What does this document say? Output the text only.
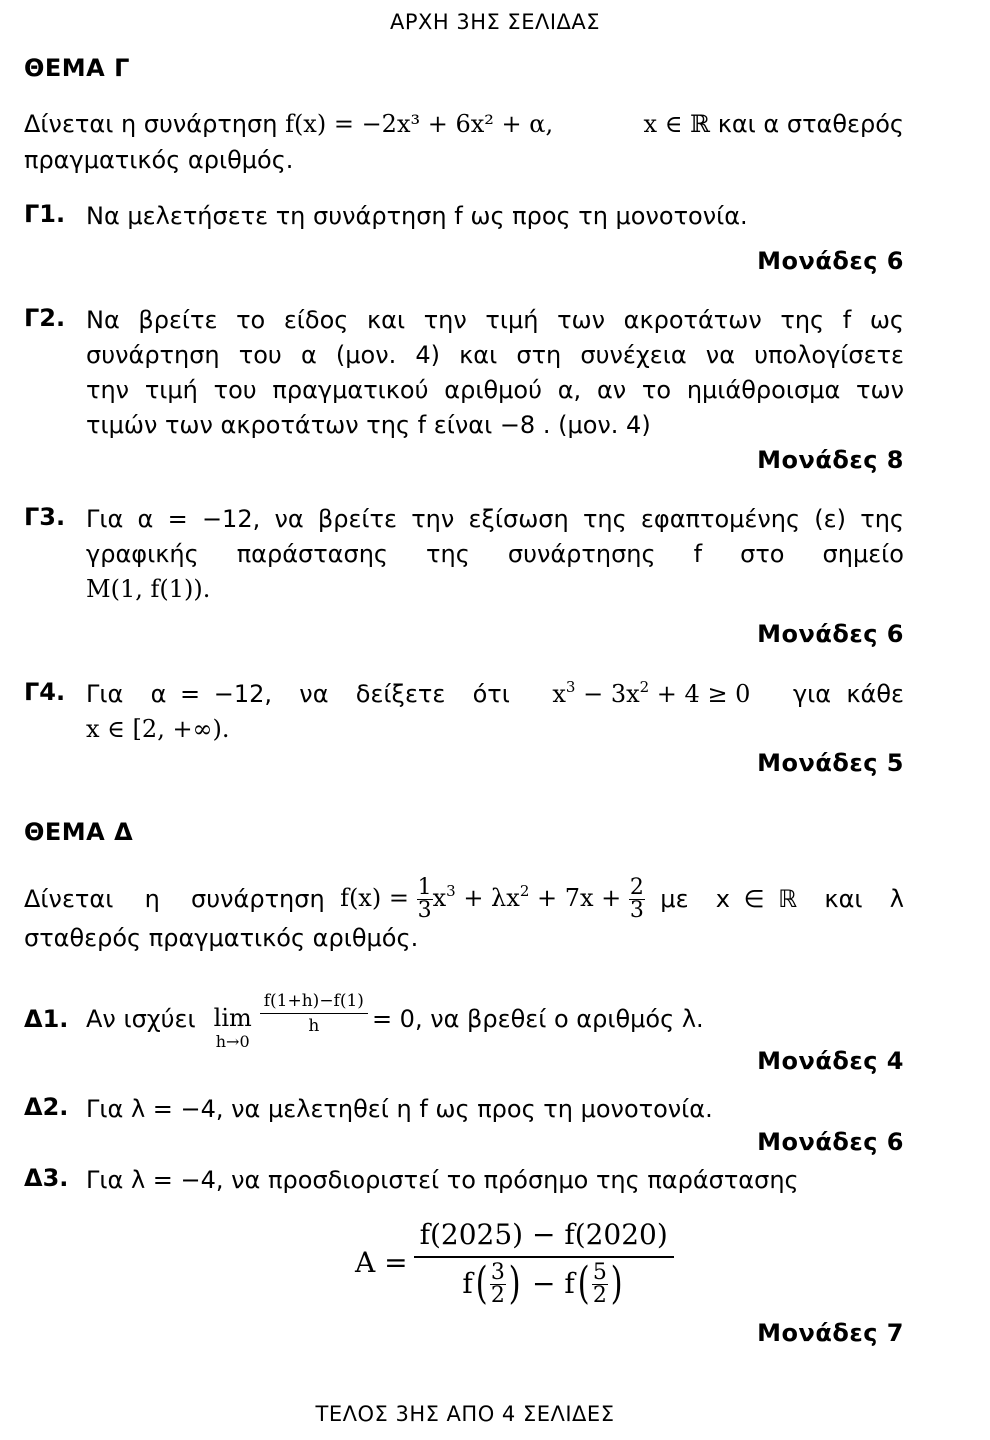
ΑΡΧΗ 3ΗΣ ΣΕΛΙΔΑΣ
ΘΕΜΑ Γ
Δίνεται η συνάρτηση f(x) = −2x³ + 6x² + α,	x ∈ ℝ και α σταθερός
πραγματικός αριθμός.
Γ1. Να μελετήσετε τη συνάρτηση f ως προς τη μονοτονία.
Μονάδες 6
Γ2. Να βρείτε το είδος και την τιμή των ακροτάτων της f ως
συνάρτηση του α (μον. 4) και στη συνέχεια να υπολογίσετε
την τιμή του πραγματικού αριθμού α, αν το ημιάθροισμα των
τιμών των ακροτάτων της f είναι −8 . (μον. 4)
Μονάδες 8
Γ3. Για α = −12, να βρείτε την εξίσωση της εφαπτομένης (ε) της
γραφικής παράστασης της συνάρτησης f στο σημείο
M(1, f(1)).
Μονάδες 6
Γ4. Για  α = −12,  να  δείξετε  ότι $x^3 - 3x^2 + 4 \ge 0$ για  κάθε
x ∈ [2, +∞).
Μονάδες 5
ΘΕΜΑ Δ
Δίνεται  η  συνάρτηση $f(x) = \frac{1}{3} x^3 + \lambda x^2 + 7x + \frac{2}{3}$ με  x ∈ ℝ  και  λ
σταθερός πραγματικός αριθμός.
Δ1. Αν ισχύει lim
h→0
$\frac{f(1+h)-f(1)}{h} = 0$, να βρεθεί ο αριθμός λ.
Μονάδες 4
Δ2. Για λ = −4, να μελετηθεί η f ως προς τη μονοτονία.
Μονάδες 6
Δ3. Για λ = −4, να προσδιοριστεί το πρόσημο της παράστασης
A = f(2025) − f(2020)
f ( 3
2 ) − f ( 5
2 )
Μονάδες 7
ΤΕΛΟΣ 3ΗΣ ΑΠΟ 4 ΣΕΛΙΔΕΣ
